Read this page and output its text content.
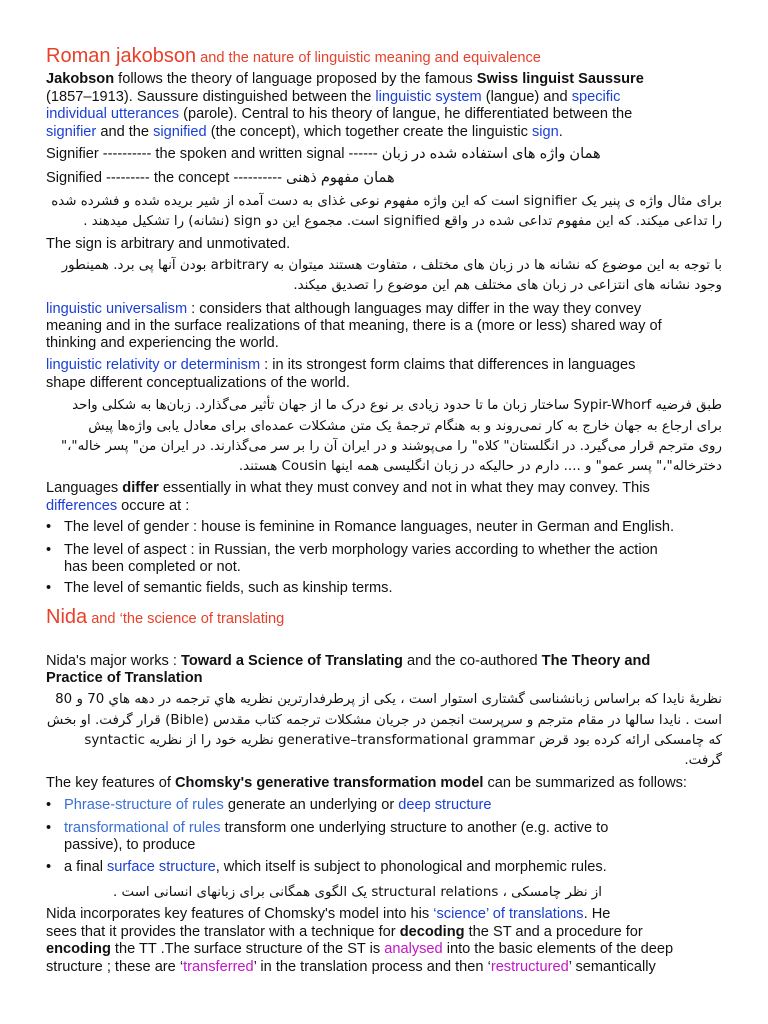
Roman jakobson and the nature of linguistic meaning and equivalence
Jakobson follows the theory of language proposed by the famous Swiss linguist Saussure
(1857–1913). Saussure distinguished between the linguistic system (langue) and specific
individual utterances (parole). Central to his theory of langue, he differentiated between the
signifier and the signified (the concept), which together create the linguistic sign.
Signifier ---------- the spoken and written signal ------ همان واژه های استفاده شده در زبان
Signified --------- the concept ---------- همان مفهوم ذهنی
برای مثال واژه ی پنیر یک signifier است که این واژه مفهوم نوعی غذای به دست آمده از شیر بریده شده و فشرده شده
را تداعی میکند. که این مفهوم تداعی شده در واقع signified است. مجموع این دو sign (نشانه) را تشکیل میدهند .
The sign is arbitrary and unmotivated.
با توجه به این موضوع که نشانه ها در زبان های مختلف ، متفاوت هستند میتوان به arbitrary بودن آنها پی برد. همینطور
وجود نشانه های انتزاعی در زبان های مختلف هم این موضوع را تصدیق میکند.
linguistic universalism : considers that although languages may differ in the way they convey
meaning and in the surface realizations of that meaning, there is a (more or less) shared way of
thinking and experiencing the world.
linguistic relativity or determinism : in its strongest form claims that differences in languages
shape different conceptualizations of the world.
طبق فرضیه Sypir-Whorf ساختار زبان ما تا حدود زیادی بر نوع درک ما از جهان تأثیر می‌گذارد. زبان‌ها به شکلی واحد
برای ارجاع به جهان خارج به کار نمی‌روند و به هنگام ترجمهٔ یک متن مشکلات عمده‌ای برای معادل یابی واژه‌ها پیش
روی مترجم قرار می‌گیرد. در انگلستان" کلاه" را می‌پوشند و در ایران آن را بر سر می‌گذارند. در ایران من" پسر خاله"،"
دخترخاله"،" پسر عمو" و .... دارم در حالیکه در زبان انگلیسی همه اینها Cousin هستند.
Languages differ essentially in what they must convey and not in what they may convey. This
differences occure at :
• The level of gender : house is feminine in Romance languages, neuter in German and English.
• The level of aspect : in Russian, the verb morphology varies according to whether the action
has been completed or not.
• The level of semantic fields, such as kinship terms.
Nida and ‘the science of translating
Nida's major works : Toward a Science of Translating and the co-authored The Theory and
Practice of Translation
نظریهٔ نایدا که براساس زبانشناسی گشتاری استوار است ، یکی از پرطرفدارترین نظریه هاي ترجمه در دهه هاي 70 و 80
است . نایدا سالها در مقام مترجم و سرپرست انجمن در جریان مشکلات ترجمه کتاب مقدس (Bible) قرار گرفت. او بخش
syntactic نظریه خود را از نظریه generative–transformational grammar که چامسکی ارائه کرده بود قرض
گرفت.
The key features of Chomsky's generative transformation model can be summarized as follows:
• Phrase-structure of rules generate an underlying or deep structure
• transformational of rules transform one underlying structure to another (e.g. active to
passive), to produce
• a final surface structure, which itself is subject to phonological and morphemic rules.
از نظر چامسکی ، structural relations یک الگوی همگانی برای زبانهای انسانی است .
Nida incorporates key features of Chomsky's model into his ‘science’ of translations. He
sees that it provides the translator with a technique for decoding the ST and a procedure for
encoding the TT .The surface structure of the ST is analysed into the basic elements of the deep
structure ; these are ‘transferred’ in the translation process and then ‘restructured’ semantically
